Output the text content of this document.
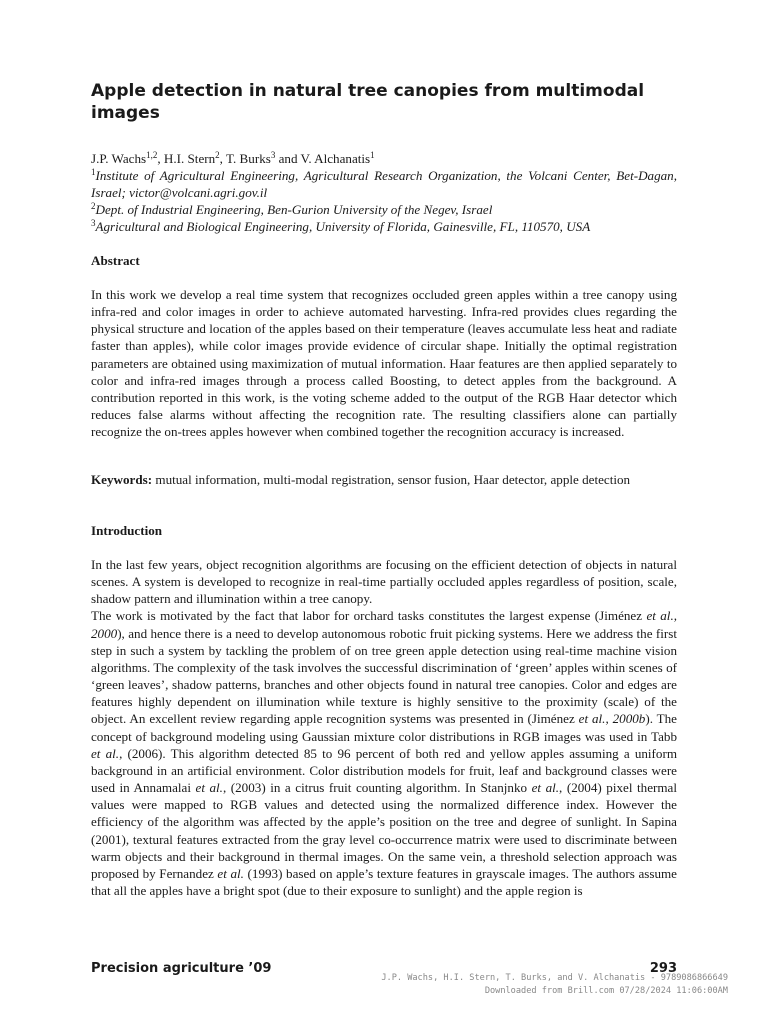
Apple detection in natural tree canopies from multimodal images
J.P. Wachs$^{1,2}$, H.I. Stern$^2$, T. Burks$^3$ and V. Alchanatis$^1$
$^1$Institute of Agricultural Engineering, Agricultural Research Organization, the Volcani Center, Bet-Dagan, Israel; victor@volcani.agri.gov.il
$^2$Dept. of Industrial Engineering, Ben-Gurion University of the Negev, Israel
$^3$Agricultural and Biological Engineering, University of Florida, Gainesville, FL, 110570, USA
Abstract

In this work we develop a real time system that recognizes occluded green apples within a tree canopy using infra-red and color images in order to achieve automated harvesting. Infra-red provides clues regarding the physical structure and location of the apples based on their temperature (leaves accumulate less heat and radiate faster than apples), while color images provide evidence of circular shape. Initially the optimal registration parameters are obtained using maximization of mutual information. Haar features are then applied separately to color and infra-red images through a process called Boosting, to detect apples from the background. A contribution reported in this work, is the voting scheme added to the output of the RGB Haar detector which reduces false alarms without affecting the recognition rate. The resulting classifiers alone can partially recognize the on-trees apples however when combined together the recognition accuracy is increased.

Keywords: mutual information, multi-modal registration, sensor fusion, Haar detector, apple detection

Introduction

In the last few years, object recognition algorithms are focusing on the efficient detection of objects in natural scenes. A system is developed to recognize in real-time partially occluded apples regardless of position, scale, shadow pattern and illumination within a tree canopy.

The work is motivated by the fact that labor for orchard tasks constitutes the largest expense (Jiménez et al., 2000), and hence there is a need to develop autonomous robotic fruit picking systems. Here we address the first step in such a system by tackling the problem of on tree green apple detection using real-time machine vision algorithms. The complexity of the task involves the successful discrimination of ‘green’ apples within scenes of ‘green leaves’, shadow patterns, branches and other objects found in natural tree canopies. Color and edges are features highly dependent on illumination while texture is highly sensitive to the proximity (scale) of the object. An excellent review regarding apple recognition systems was presented in (Jiménez et al., 2000b). The concept of background modeling using Gaussian mixture color distributions in RGB images was used in Tabb et al., (2006). This algorithm detected 85 to 96 percent of both red and yellow apples assuming a uniform background in an artificial environment. Color distribution models for fruit, leaf and background classes were used in Annamalai et al., (2003) in a citrus fruit counting algorithm. In Stanjnko et al., (2004) pixel thermal values were mapped to RGB values and detected using the normalized difference index. However the efficiency of the algorithm was affected by the apple’s position on the tree and degree of sunlight. In Sapina (2001), textural features extracted from the gray level co-occurrence matrix were used to discriminate between warm objects and their background in thermal images. On the same vein, a threshold selection approach was proposed by Fernandez et al. (1993) based on apple’s texture features in grayscale images. The authors assume that all the apples have a bright spot (due to their exposure to sunlight) and the apple region is

Precision agriculture ’09	293
J.P. Wachs, H.I. Stern, T. Burks, and V. Alchanatis - 9789086866649
Downloaded from Brill.com 07/28/2024 11:06:00AM
